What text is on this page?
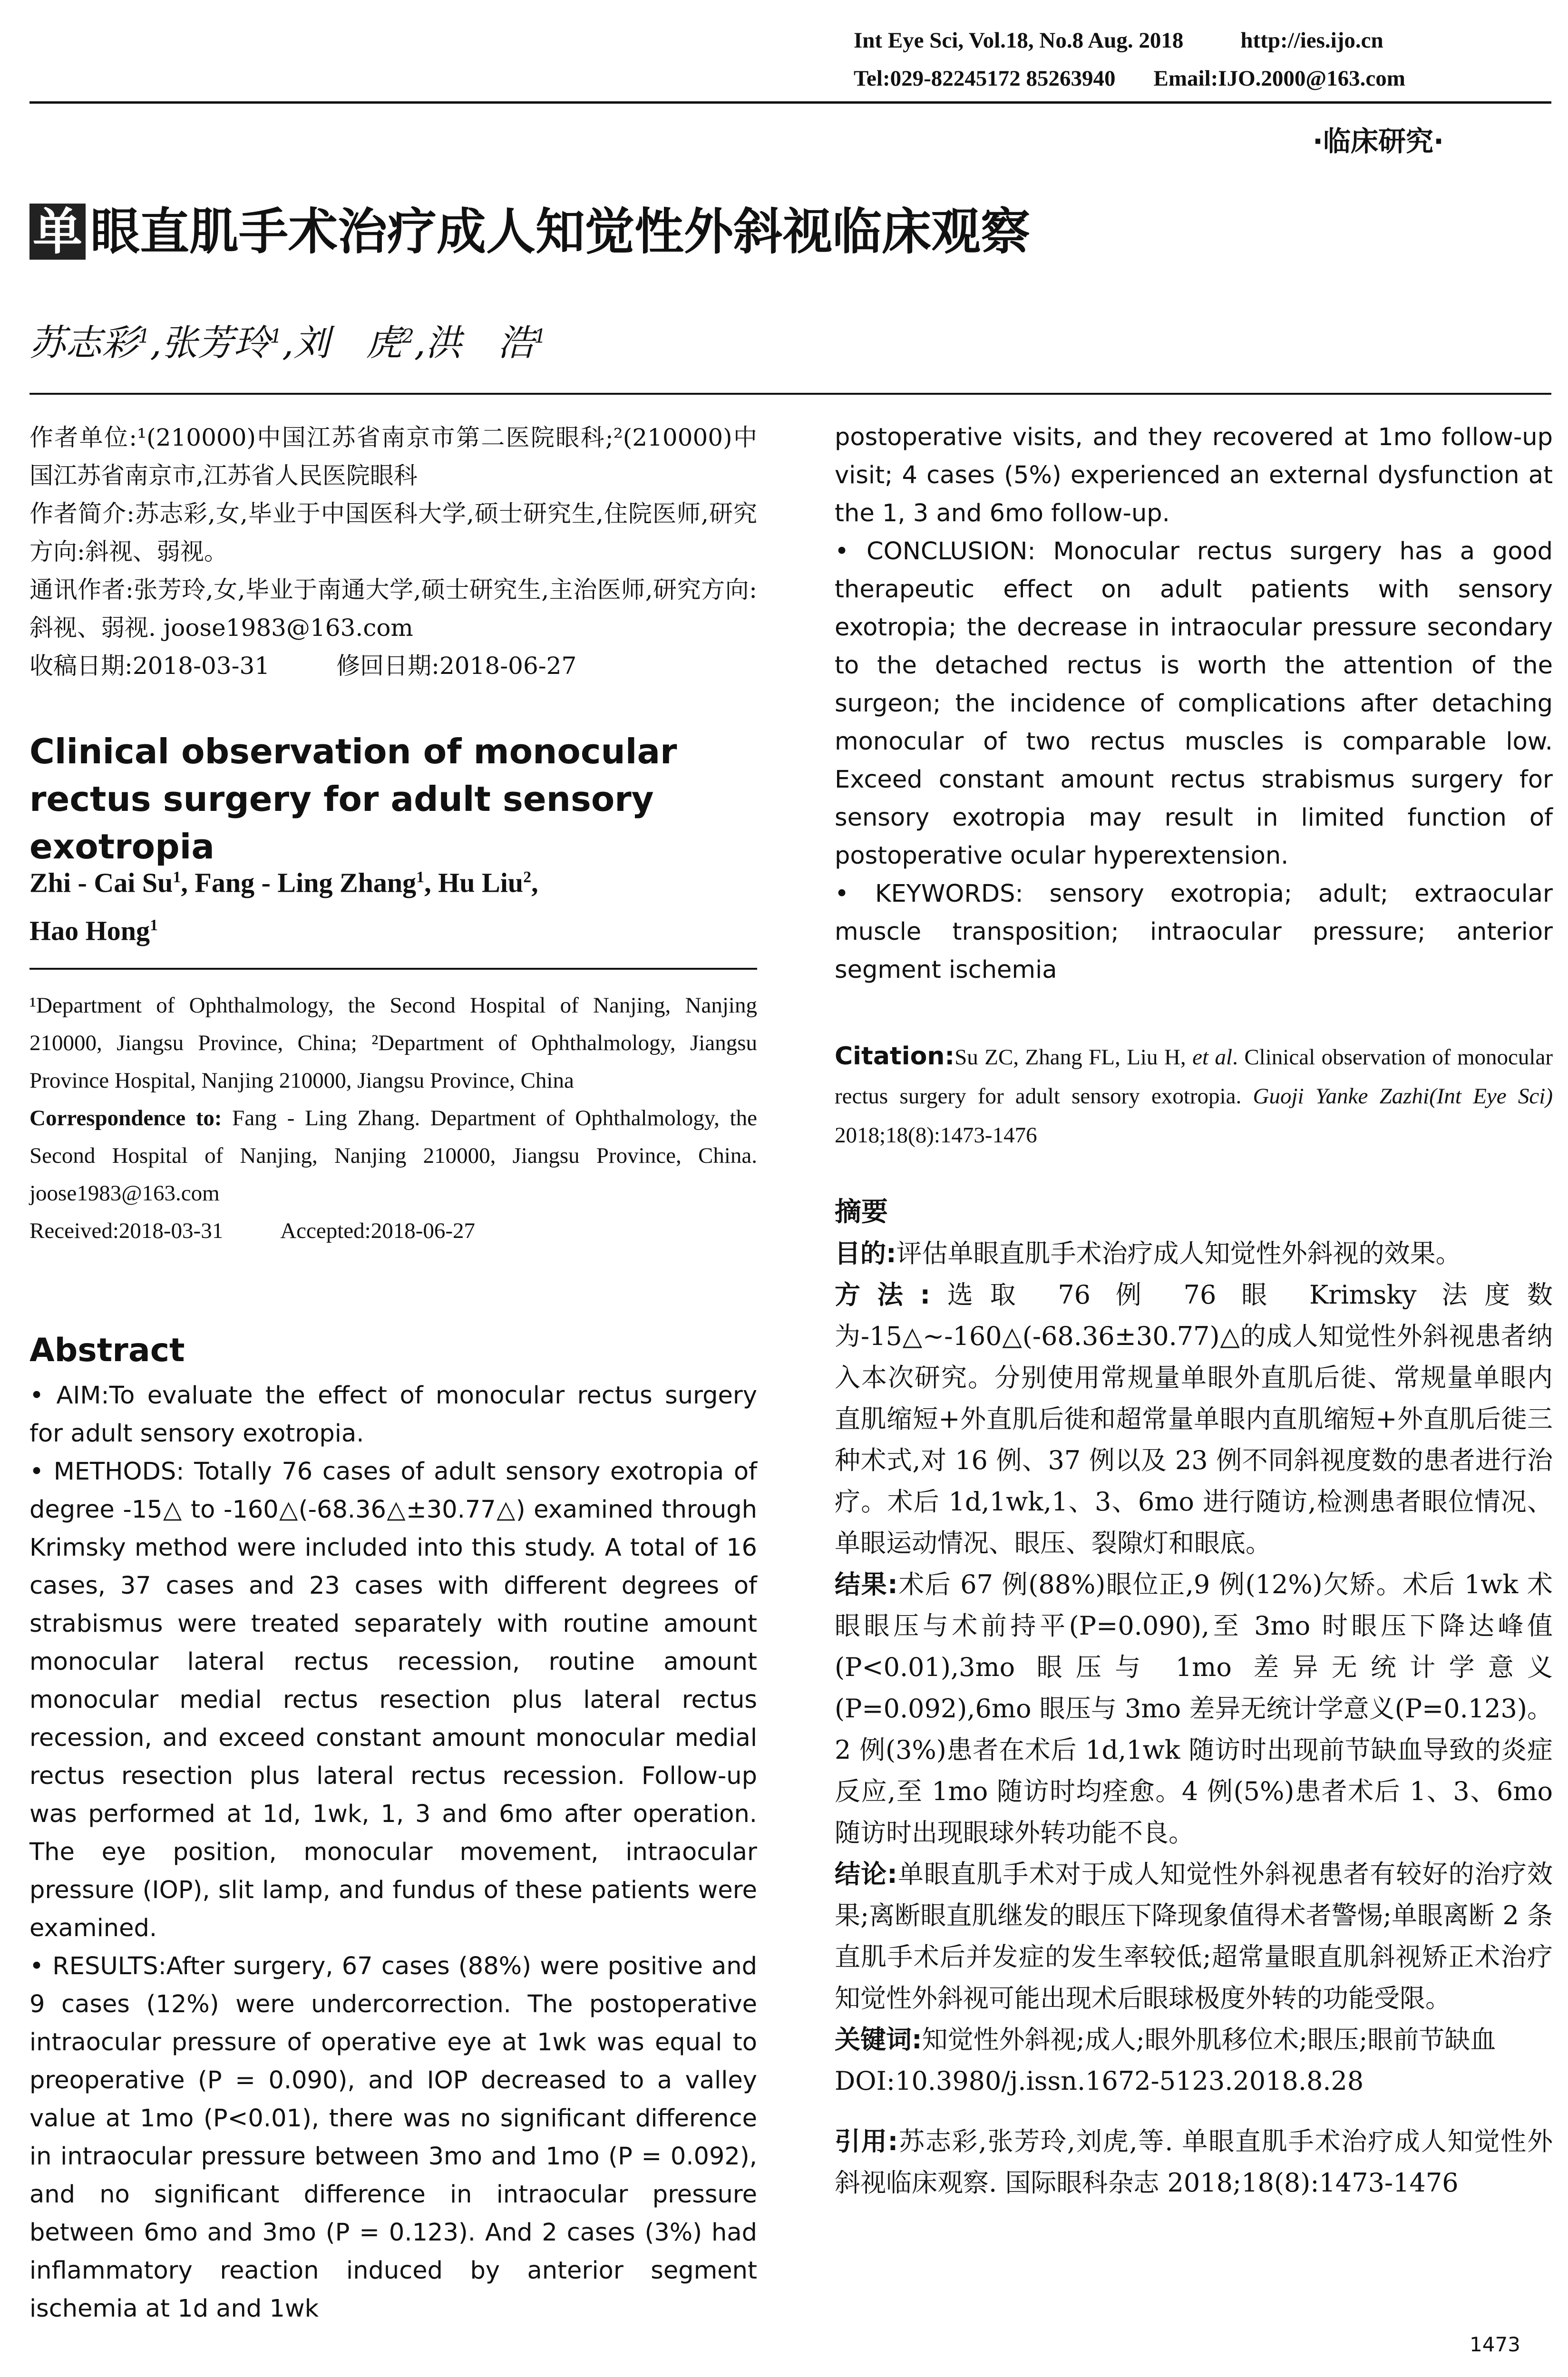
Int Eye Sci, Vol.18, No.8 Aug. 2018	http://ies.ijo.cn
Tel:029-82245172 85263940 Email:IJO.2000@163.com
·临床研究·
单 眼直肌手术治疗成人知觉性外斜视临床观察
苏志彩$^1$,张芳玲$^1$,刘　虎$^2$,洪　浩$^1$
作者单位:¹(210000)中国江苏省南京市第二医院眼科;²(210000)中国江苏省南京市,江苏省人民医院眼科
作者简介:苏志彩,女,毕业于中国医科大学,硕士研究生,住院医师,研究方向:斜视、弱视。
通讯作者:张芳玲,女,毕业于南通大学,硕士研究生,主治医师,研究方向:斜视、弱视. joose1983@163.com
收稿日期:2018-03-31	修回日期:2018-06-27
Clinical observation of monocular rectus surgery for adult sensory exotropia
Zhi - Cai Su$^1$, Fang - Ling Zhang$^1$, Hu Liu$^2$,
Hao Hong$^1$
¹Department of Ophthalmology, the Second Hospital of Nanjing, Nanjing 210000, Jiangsu Province, China; ²Department of Ophthalmology, Jiangsu Province Hospital, Nanjing 210000, Jiangsu Province, China
Correspondence to: Fang - Ling Zhang. Department of Ophthalmology, the Second Hospital of Nanjing, Nanjing 210000, Jiangsu Province, China. joose1983@163.com
Received:2018-03-31	Accepted:2018-06-27
Abstract

• AIM:To evaluate the effect of monocular rectus surgery for adult sensory exotropia.

• METHODS: Totally 76 cases of adult sensory exotropia of degree -15△ to -160△(-68.36△±30.77△) examined through Krimsky method were included into this study. A total of 16 cases, 37 cases and 23 cases with different degrees of strabismus were treated separately with routine amount monocular lateral rectus recession, routine amount monocular medial rectus resection plus lateral rectus recession, and exceed constant amount monocular medial rectus resection plus lateral rectus recession. Follow-up was performed at 1d, 1wk, 1, 3 and 6mo after operation. The eye position, monocular movement, intraocular pressure (IOP), slit lamp, and fundus of these patients were examined.

• RESULTS:After surgery, 67 cases (88%) were positive and 9 cases (12%) were undercorrection. The postoperative intraocular pressure of operative eye at 1wk was equal to preoperative (P = 0.090), and IOP decreased to a valley value at 1mo (P<0.01), there was no significant difference in intraocular pressure between 3mo and 1mo (P = 0.092), and no significant difference in intraocular pressure between 6mo and 3mo (P = 0.123). And 2 cases (3%) had inflammatory reaction induced by anterior segment ischemia at 1d and 1wk

postoperative visits, and they recovered at 1mo follow-up visit; 4 cases (5%) experienced an external dysfunction at the 1, 3 and 6mo follow-up.

• CONCLUSION: Monocular rectus surgery has a good therapeutic effect on adult patients with sensory exotropia; the decrease in intraocular pressure secondary to the detached rectus is worth the attention of the surgeon; the incidence of complications after detaching monocular of two rectus muscles is comparable low. Exceed constant amount rectus strabismus surgery for sensory exotropia may result in limited function of postoperative ocular hyperextension.

• KEYWORDS: sensory exotropia; adult; extraocular muscle transposition; intraocular pressure; anterior segment ischemia

Citation:Su ZC, Zhang FL, Liu H, et al. Clinical observation of monocular rectus surgery for adult sensory exotropia. Guoji Yanke Zazhi(Int Eye Sci) 2018;18(8):1473-1476

摘要

目的:评估单眼直肌手术治疗成人知觉性外斜视的效果。

方法:选取 76 例 76 眼 Krimsky 法度数为-15△~-160△(-68.36±30.77)△的成人知觉性外斜视患者纳入本次研究。分别使用常规量单眼外直肌后徙、常规量单眼内直肌缩短+外直肌后徙和超常量单眼内直肌缩短+外直肌后徙三种术式,对 16 例、37 例以及 23 例不同斜视度数的患者进行治疗。术后 1d,1wk,1、3、6mo 进行随访,检测患者眼位情况、单眼运动情况、眼压、裂隙灯和眼底。

结果:术后 67 例(88%)眼位正,9 例(12%)欠矫。术后 1wk 术眼眼压与术前持平(P=0.090),至 3mo 时眼压下降达峰值(P<0.01),3mo 眼压与 1mo 差异无统计学意义(P=0.092),6mo 眼压与 3mo 差异无统计学意义(P=0.123)。2 例(3%)患者在术后 1d,1wk 随访时出现前节缺血导致的炎症反应,至 1mo 随访时均痊愈。4 例(5%)患者术后 1、3、6mo 随访时出现眼球外转功能不良。

结论:单眼直肌手术对于成人知觉性外斜视患者有较好的治疗效果;离断眼直肌继发的眼压下降现象值得术者警惕;单眼离断 2 条直肌手术后并发症的发生率较低;超常量眼直肌斜视矫正术治疗知觉性外斜视可能出现术后眼球极度外转的功能受限。

关键词:知觉性外斜视;成人;眼外肌移位术;眼压;眼前节缺血

DOI:10.3980/j.issn.1672-5123.2018.8.28

引用:苏志彩,张芳玲,刘虎,等. 单眼直肌手术治疗成人知觉性外斜视临床观察. 国际眼科杂志 2018;18(8):1473-1476

1473
